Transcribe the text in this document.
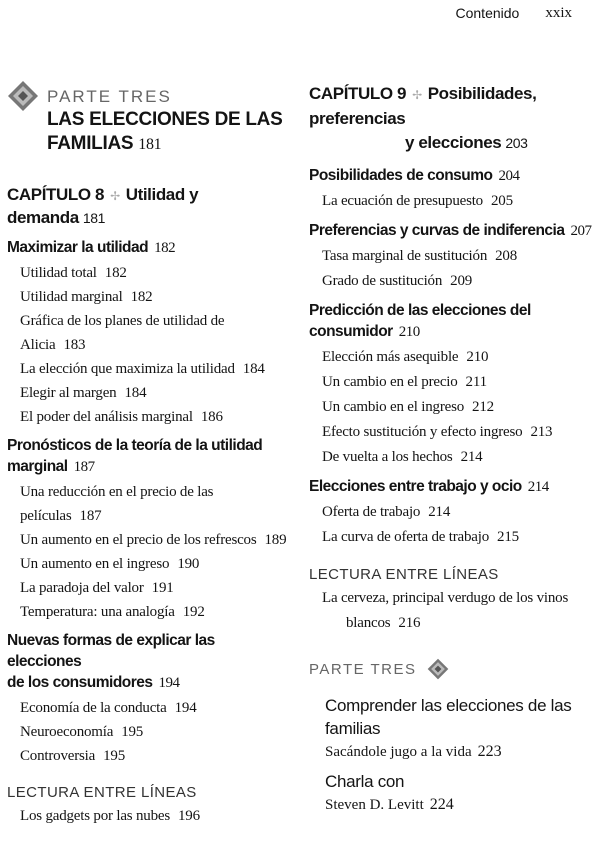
Contenido xxix
PARTE TRES
LAS ELECCIONES DE LAS
FAMILIAS 181
CAPÍTULO 8 ✢ Utilidad y demanda 181
Maximizar la utilidad 182
Utilidad total 182
Utilidad marginal 182
Gráfica de los planes de utilidad de Alicia 183
La elección que maximiza la utilidad 184
Elegir al margen 184
El poder del análisis marginal 186
Pronósticos de la teoría de la utilidad
marginal 187
Una reducción en el precio de las películas 187
Un aumento en el precio de los refrescos 189
Un aumento en el ingreso 190
La paradoja del valor 191
Temperatura: una analogía 192
Nuevas formas de explicar las elecciones
de los consumidores 194
Economía de la conducta 194
Neuroeconomía 195
Controversia 195
LECTURA ENTRE LÍNEAS
Los gadgets por las nubes 196
CAPÍTULO 9 ✢ Posibilidades, preferencias
y elecciones 203
Posibilidades de consumo 204
La ecuación de presupuesto 205
Preferencias y curvas de indiferencia 207
Tasa marginal de sustitución 208
Grado de sustitución 209
Predicción de las elecciones del consumidor 210
Elección más asequible 210
Un cambio en el precio 211
Un cambio en el ingreso 212
Efecto sustitución y efecto ingreso 213
De vuelta a los hechos 214
Elecciones entre trabajo y ocio 214
Oferta de trabajo 214
La curva de oferta de trabajo 215
LECTURA ENTRE LÍNEAS
La cerveza, principal verdugo de los vinos
blancos 216
PARTE TRES
Comprender las elecciones de las familias
Sacándole jugo a la vida 223
Charla con
Steven D. Levitt 224
